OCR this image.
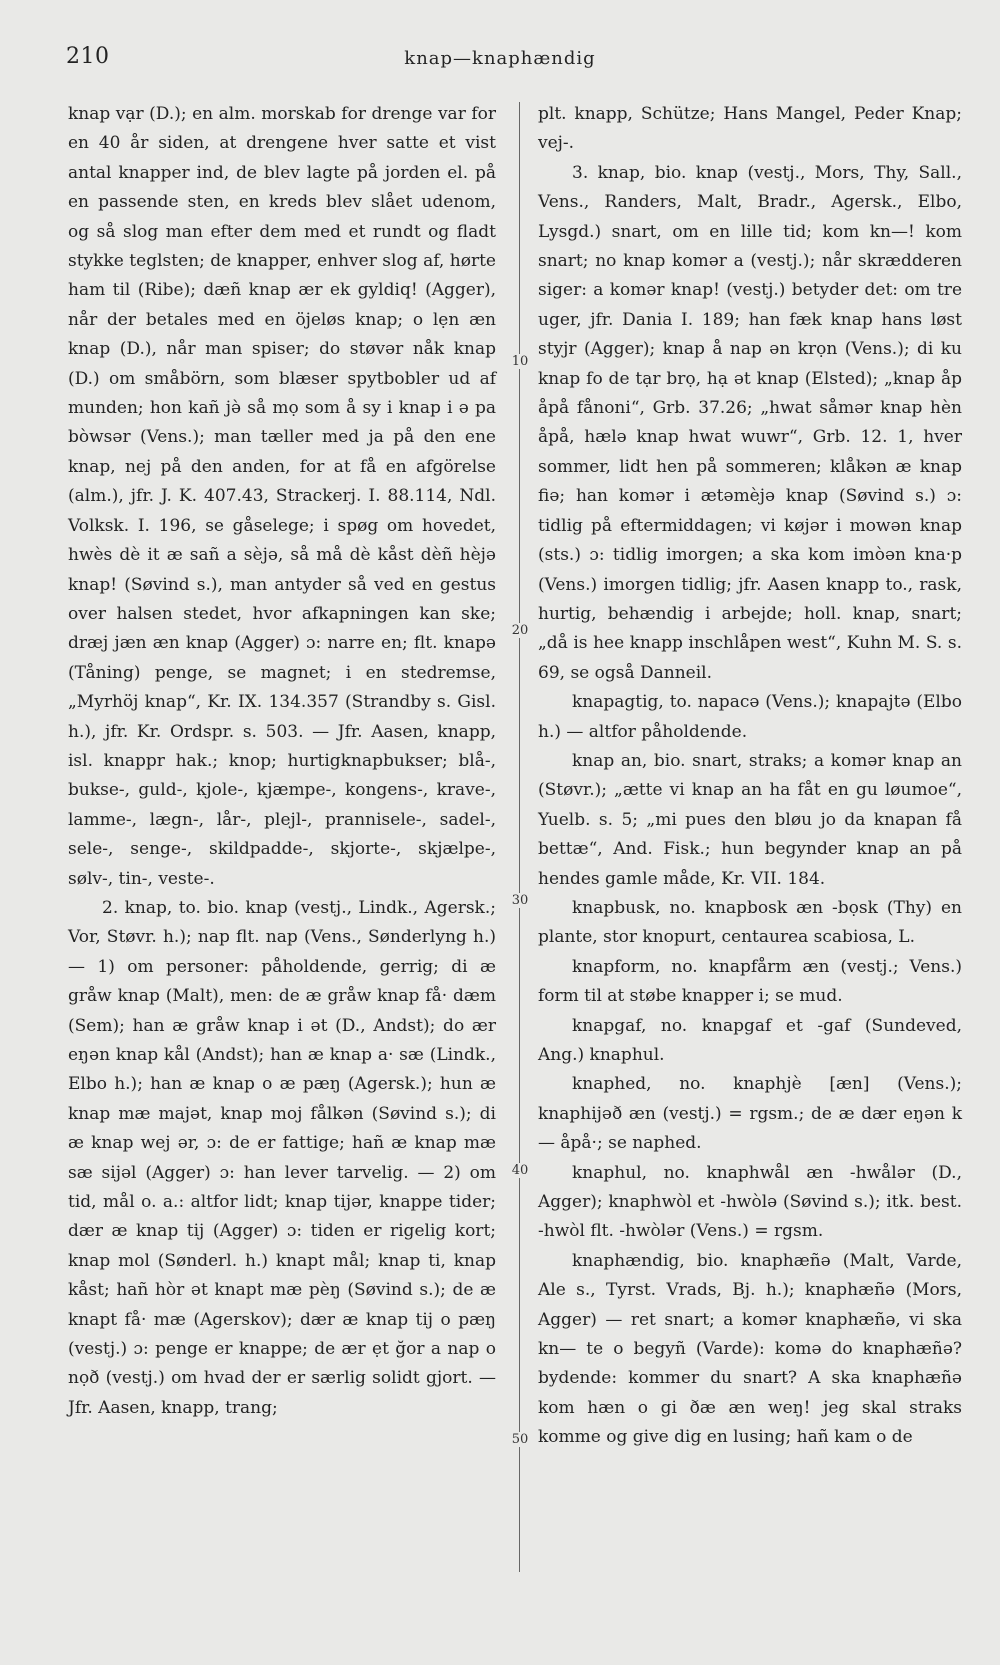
210	knap—knaphændig

knap vạr (D.); en alm. morskab for drenge var for en 40 år siden, at drengene hver satte et vist antal knapper ind, de blev lagte på jorden el. på en passende sten, en kreds blev slået udenom, og så slog man efter dem med et rundt og fladt stykke teglsten; de knapper, enhver slog af, hørte ham til (Ribe); dæñ knap ær ek gyldiq! (Agger), når der betales med en öjeløs knap; o lẹn æn knap (D.), når man spiser; do støvər nåk knap (D.) om småbörn, som blæser spytbobler ud af munden; hon kañ jə̀ så mọ som å sy i knap i ə pa bòwsər (Vens.); man tæller med ja på den ene knap, nej på den anden, for at få en afgörelse (alm.), jfr. J. K. 407.43, Strackerj. I. 88.114, Ndl. Volksk. I. 196, se gåselege; i spøg om hovedet, hwès dè it æ sañ a sèjə, så må dè kåst dèñ hèjə knap! (Søvind s.), man antyder så ved en gestus over halsen stedet, hvor afkapningen kan ske; dræj jæn æn knap (Agger) ɔ: narre en; flt. knapə (Tåning) penge, se magnet; i en stedremse, „Myrhöj knap“, Kr. IX. 134.357 (Strandby s. Gisl. h.), jfr. Kr. Ordspr. s. 503. — Jfr. Aasen, knapp, isl. knappr hak.; knop; hurtigknapbukser; blå-, bukse-, guld-, kjole-, kjæmpe-, kongens-, krave-, lamme-, lægn-, lår-, plejl-, prannisele-, sadel-, sele-, senge-, skildpadde-, skjorte-, skjælpe-, sølv-, tin-, veste-.

2. knap, to. bio. knap (vestj., Lindk., Agersk.; Vor, Støvr. h.); nap flt. nap (Vens., Sønderlyng h.) — 1) om personer: påholdende, gerrig; di æ gråw knap (Malt), men: de æ gråw knap få· dæm (Sem); han æ gråw knap i ət (D., Andst); do ær eŋən knap kål (Andst); han æ knap a· sæ (Lindk., Elbo h.); han æ knap o æ pæŋ (Agersk.); hun æ knap mæ majət, knap moj fålkən (Søvind s.); di æ knap wej ər, ɔ: de er fattige; hañ æ knap mæ sæ sijəl (Agger) ɔ: han lever tarvelig. — 2) om tid, mål o. a.: altfor lidt; knap tijər, knappe tider; dær æ knap tij (Agger) ɔ: tiden er rigelig kort; knap mol (Sønderl. h.) knapt mål; knap ti, knap kåst; hañ hòr ət knapt mæ pèŋ (Søvind s.); de æ knapt få· mæ (Agerskov); dær æ knap tij o pæŋ (vestj.) ɔ: penge er knappe; de ær ẹt ğor a nap o nọð (vestj.) om hvad der er særlig solidt gjort. — Jfr. Aasen, knapp, trang;

plt. knapp, Schütze; Hans Mangel, Peder Knap; vej-.

3. knap, bio. knap (vestj., Mors, Thy, Sall., Vens., Randers, Malt, Bradr., Agersk., Elbo, Lysgd.) snart, om en lille tid; kom kn—! kom snart; no knap komər a (vestj.); når skrædderen siger: a komər knap! (vestj.) betyder det: om tre uger, jfr. Dania I. 189; han fæk knap hans løst styjr (Agger); knap å nap ən krọn (Vens.); di ku knap fo de tạr brọ, hạ ət knap (Elsted); „knap åp åpå fånoni“, Grb. 37.26; „hwat såmər knap hèn åpå, hælə knap hwat wuwr“, Grb. 12. 1, hver sommer, lidt hen på sommeren; klåkən æ knap fiə; han komər i ætəmèjə knap (Søvind s.) ɔ: tidlig på eftermiddagen; vi køjər i mowən knap (sts.) ɔ: tidlig imorgen; a ska kom imòən kna·p (Vens.) imorgen tidlig; jfr. Aasen knapp to., rask, hurtig, behændig i arbejde; holl. knap, snart; „då is hee knapp inschlåpen west“, Kuhn M. S. s. 69, se også Danneil.

knapagtig, to. napacə (Vens.); knapajtə (Elbo h.) — altfor påholdende.

knap an, bio. snart, straks; a komər knap an (Støvr.); „ætte vi knap an ha fåt en gu løumoe“, Yuelb. s. 5; „mi pues den bløu jo da knapan få bettæ“, And. Fisk.; hun begynder knap an på hendes gamle måde, Kr. VII. 184.

knapbusk, no. knapbosk æn -bọsk (Thy) en plante, stor knopurt, centaurea scabiosa, L.

knapform, no. knapfårm æn (vestj.; Vens.) form til at støbe knapper i; se mud.

knapgaf, no. knapgaf et -gaf (Sundeved, Ang.) knaphul.

knaphed, no. knaphjè [æn] (Vens.); knaphijəð æn (vestj.) = rgsm.; de æ dær eŋən k— åpå·; se naphed.

knaphul, no. knaphwål æn -hwålər (D., Agger); knaphwòl et -hwòlə (Søvind s.); itk. best. -hwòl flt. -hwòlər (Vens.) = rgsm.

knaphændig, bio. knaphæñə (Malt, Varde, Ale s., Tyrst. Vrads, Bj. h.); knaphæñə (Mors, Agger) — ret snart; a komər knaphæñə, vi ska kn— te o begyñ (Varde): komə do knaphæñə? bydende: kommer du snart? A ska knaphæñə kom hæn o gi ðæ æn weŋ! jeg skal straks komme og give dig en lusing; hañ kam o de

10
20
30
40
50
